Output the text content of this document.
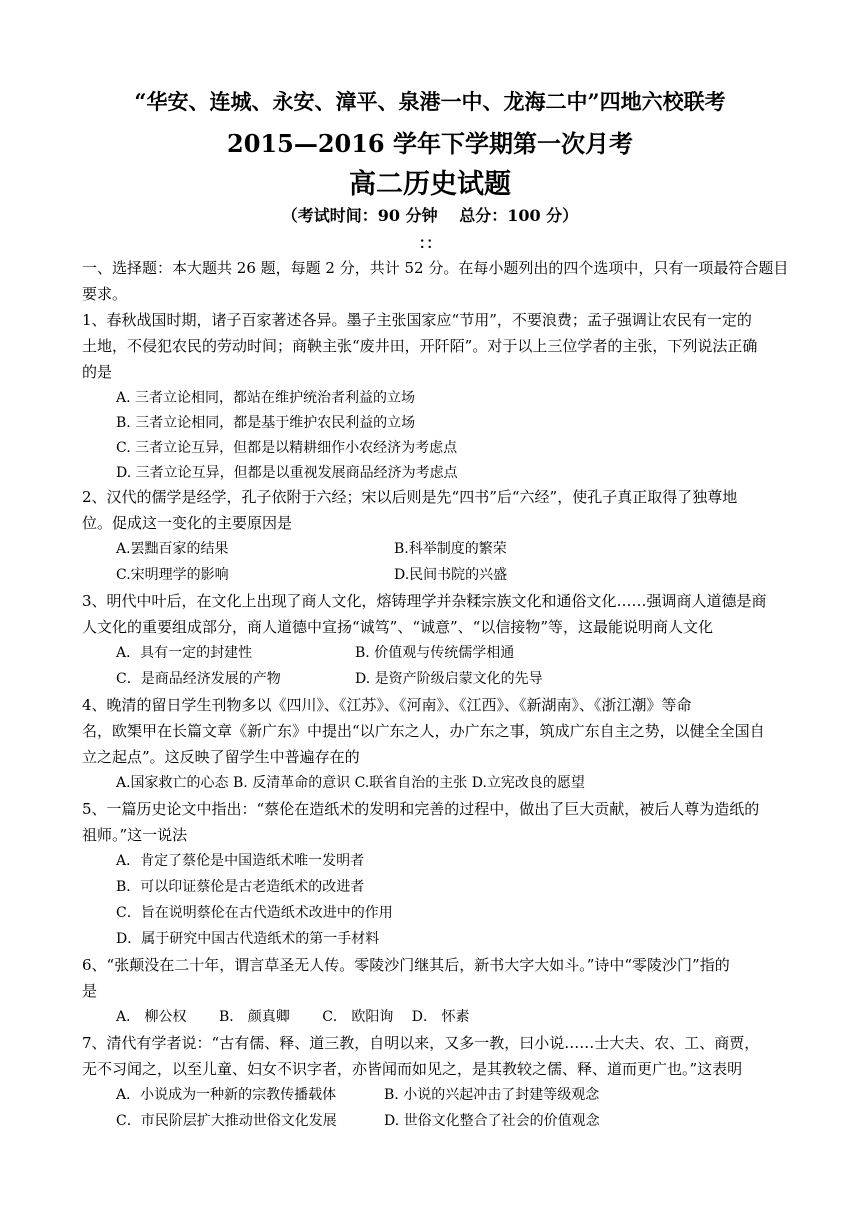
“华安、连城、永安、漳平、泉港一中、龙海二中”四地六校联考
2015—2016 学年下学期第一次月考
高二历史试题
（考试时间：90 分钟　 总分：100 分）
：：
一、选择题：本大题共 26 题，每题 2 分，共计 52 分。在每小题列出的四个选项中，只有一项最符合题目
要求。
1、春秋战国时期，诸子百家著述各异。墨子主张国家应“节用”，不要浪费；孟子强调让农民有一定的
土地，不侵犯农民的劳动时间；商鞅主张“废井田，开阡陌”。对于以上三位学者的主张，下列说法正确
的是
A. 三者立论相同，都站在维护统治者利益的立场
B. 三者立论相同，都是基于维护农民利益的立场
C. 三者立论互异，但都是以精耕细作小农经济为考虑点
D. 三者立论互异，但都是以重视发展商品经济为考虑点
2、汉代的儒学是经学，孔子依附于六经；宋以后则是先“四书”后“六经”，使孔子真正取得了独尊地
位。促成这一变化的主要原因是
A.罢黜百家的结果	B.科举制度的繁荣
C.宋明理学的影响	D.民间书院的兴盛
3、明代中叶后，在文化上出现了商人文化，熔铸理学并杂糅宗族文化和通俗文化……强调商人道德是商
人文化的重要组成部分，商人道德中宣扬“诚笃”、“诚意”、“以信接物”等，这最能说明商人文化
A．具有一定的封建性	B. 价值观与传统儒学相通
C．是商品经济发展的产物	D. 是资产阶级启蒙文化的先导
4、晚清的留日学生刊物多以《四川》、《江苏》、《河南》、《江西》、《新湖南》、《浙江潮》等命
名，欧榘甲在长篇文章《新广东》中提出“以广东之人，办广东之事，筑成广东自主之势，以健全全国自
立之起点”。这反映了留学生中普遍存在的
A.国家救亡的心态 B. 反清革命的意识 C.联省自治的主张 D.立宪改良的愿望
5、一篇历史论文中指出：“蔡伦在造纸术的发明和完善的过程中，做出了巨大贡献，被后人尊为造纸的
祖师。”这一说法
A．肯定了蔡伦是中国造纸术唯一发明者
B．可以印证蔡伦是古老造纸术的改进者
C．旨在说明蔡伦在古代造纸术改进中的作用
D．属于研究中国古代造纸术的第一手材料
6、“张颠没在二十年，谓言草圣无人传。零陵沙门继其后，新书大字大如斗。”诗中“零陵沙门”指的
是
A． 柳公权　　 B． 颜真卿　　 C． 欧阳询　 D． 怀素
7、清代有学者说：“古有儒、释、道三教，自明以来，又多一教，曰小说……士大夫、农、工、商贾，
无不习闻之，以至儿童、妇女不识字者，亦皆闻而如见之，是其教较之儒、释、道而更广也。”这表明
A．小说成为一种新的宗教传播载体	B. 小说的兴起冲击了封建等级观念
C．市民阶层扩大推动世俗文化发展	D. 世俗文化整合了社会的价值观念
